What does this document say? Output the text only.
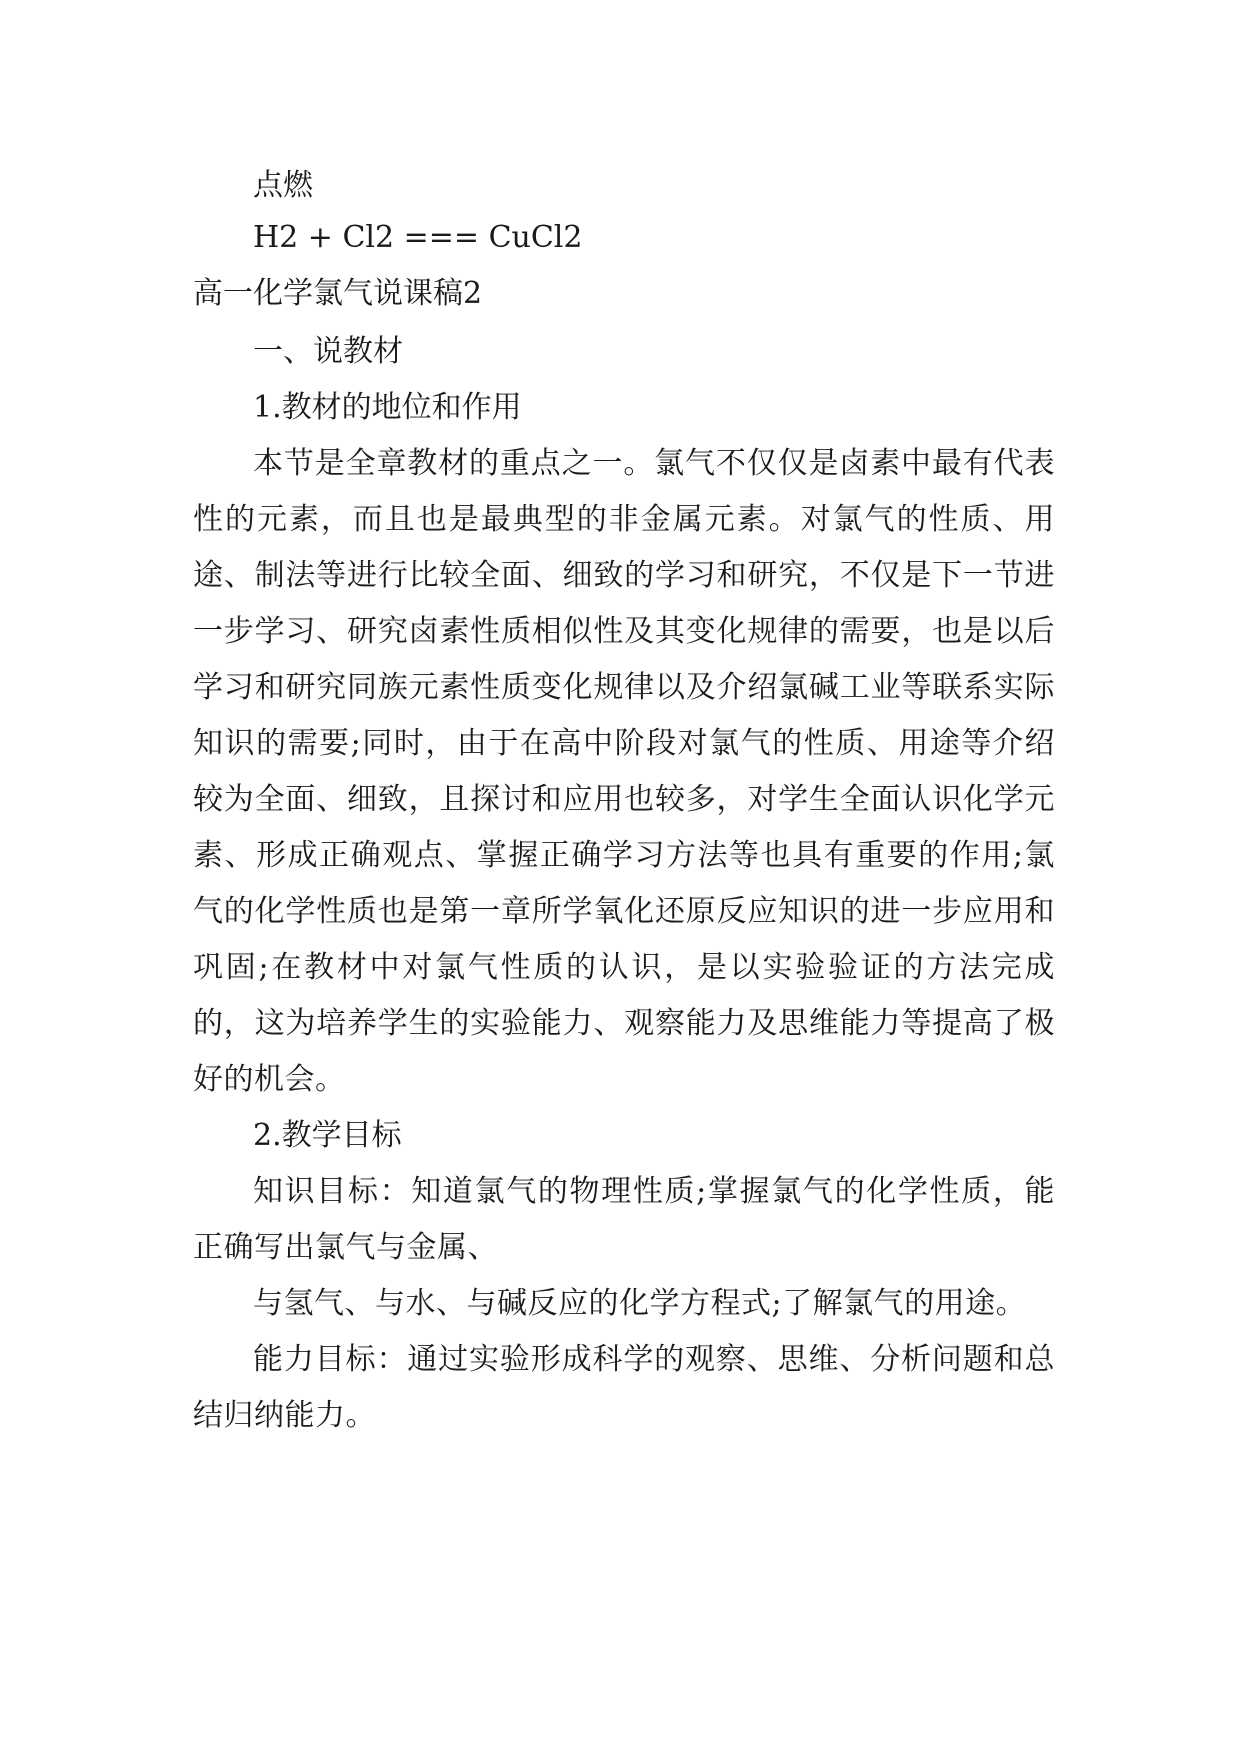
点燃

H2 + Cl2 === CuCl2

高一化学氯气说课稿2

一、说教材

1.教材的地位和作用

本节是全章教材的重点之一。氯气不仅仅是卤素中最有代表性的元素，而且也是最典型的非金属元素。对氯气的性质、用途、制法等进行比较全面、细致的学习和研究，不仅是下一节进一步学习、研究卤素性质相似性及其变化规律的需要，也是以后学习和研究同族元素性质变化规律以及介绍氯碱工业等联系实际知识的需要;同时，由于在高中阶段对氯气的性质、用途等介绍较为全面、细致，且探讨和应用也较多，对学生全面认识化学元素、形成正确观点、掌握正确学习方法等也具有重要的作用;氯气的化学性质也是第一章所学氧化还原反应知识的进一步应用和巩固;在教材中对氯气性质的认识，是以实验验证的方法完成的，这为培养学生的实验能力、观察能力及思维能力等提高了极好的机会。

2.教学目标

知识目标：知道氯气的物理性质;掌握氯气的化学性质，能正确写出氯气与金属、

与氢气、与水、与碱反应的化学方程式;了解氯气的用途。

能力目标：通过实验形成科学的观察、思维、分析问题和总结归纳能力。
